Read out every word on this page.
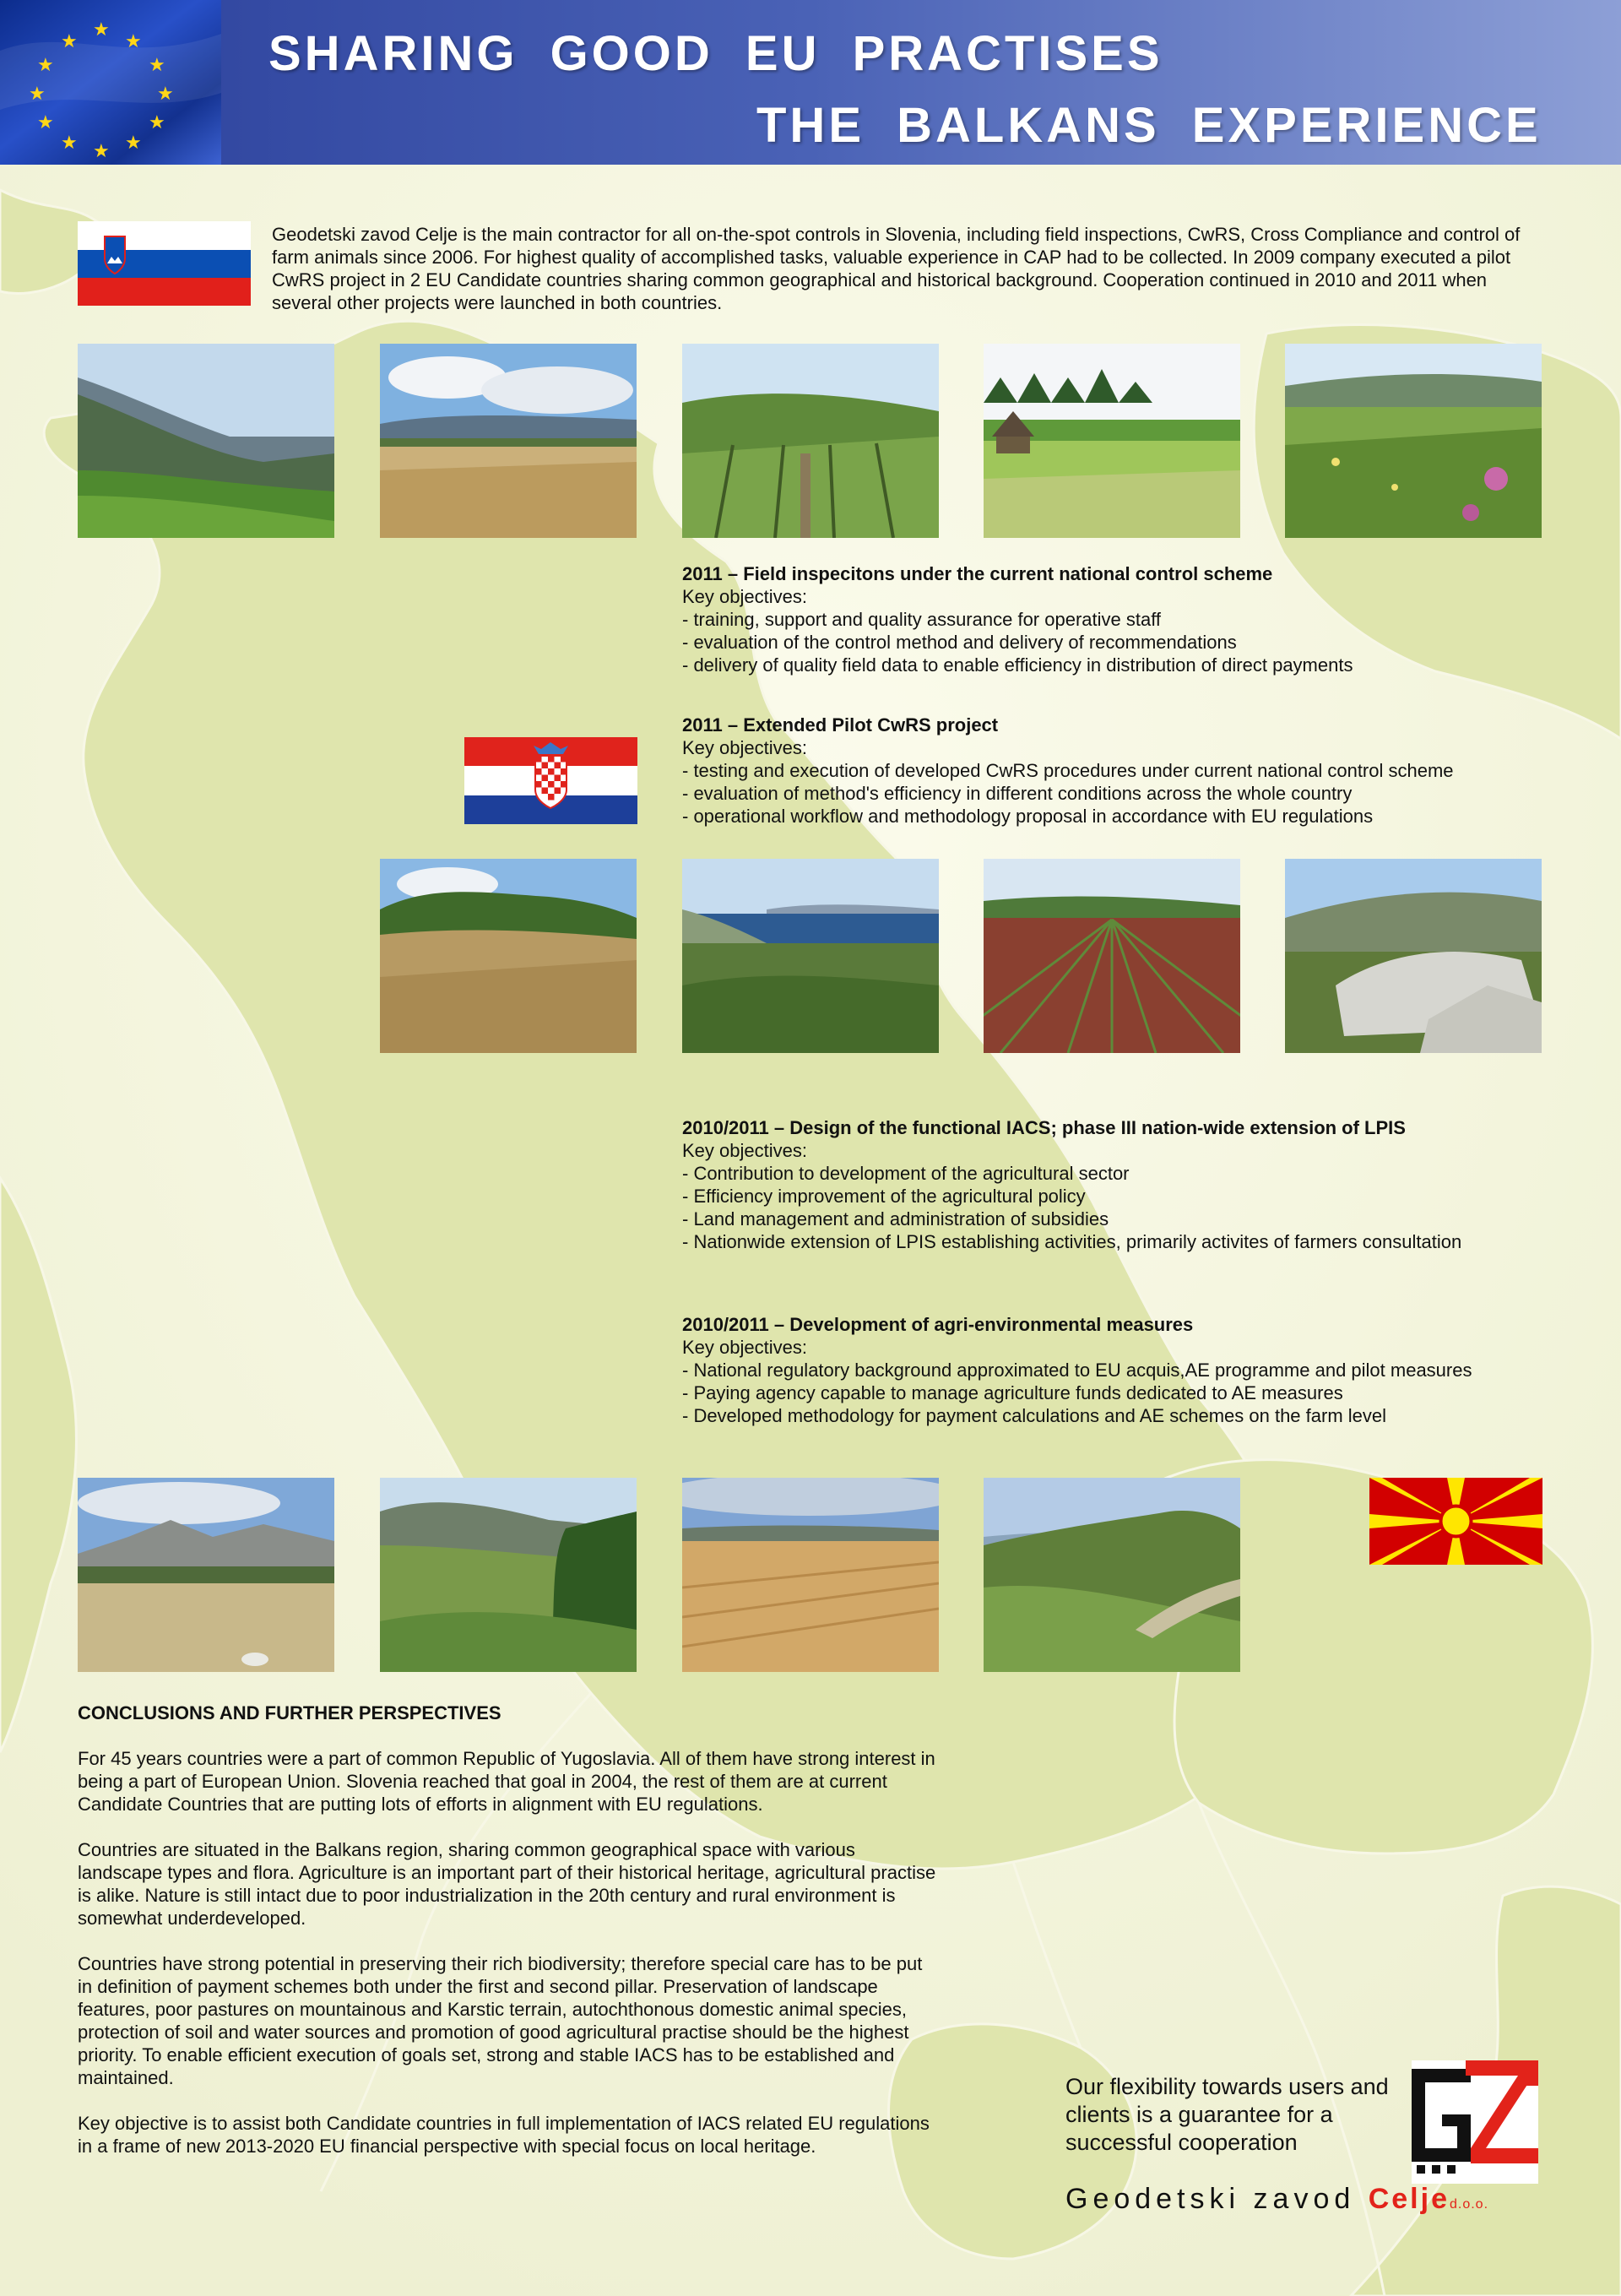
★
★
★
★
★
★
★
★
★
★
★
★	SHARING GOOD EU PRACTISES
THE BALKANS EXPERIENCE
Geodetski zavod Celje is the main contractor for all on-the-spot controls in Slovenia, including field inspections, CwRS, Cross Compliance and control of farm animals since 2006. For highest quality of accomplished tasks, valuable experience in CAP had to be collected. In 2009 company executed a pilot CwRS project in 2 EU Candidate countries sharing common geographical and historical background. Cooperation continued in 2010 and 2011 when several other projects were launched in both countries.
2011 – Field inspecitons under the current national control scheme
Key objectives:
- training, support and quality assurance for operative staff
- evaluation of the control method and delivery of recommendations
- delivery of quality field data to enable efficiency in distribution of direct payments
2011 – Extended Pilot CwRS project
Key objectives:
- testing and execution of developed CwRS procedures under current national control scheme
- evaluation of method's efficiency in different conditions across the whole country
- operational workflow and methodology proposal in accordance with EU regulations
2010/2011 – Design of the functional IACS; phase III nation-wide extension of LPIS
Key objectives:
- Contribution to development of the agricultural sector
- Efficiency improvement of the agricultural policy
- Land management and administration of subsidies
- Nationwide extension of LPIS establishing activities, primarily activites of farmers consultation
2010/2011 – Development of agri-environmental measures
Key objectives:
- National regulatory background approximated to EU acquis,AE programme and pilot measures
- Paying agency capable to manage agriculture funds dedicated to AE measures
- Developed methodology for payment calculations and AE schemes on the farm level
CONCLUSIONS AND FURTHER PERSPECTIVES

For 45 years countries were a part of common Republic of Yugoslavia. All of them have strong interest in being a part of European Union. Slovenia reached that goal in 2004, the rest of them are at current Candidate Countries that are putting lots of efforts in alignment with EU regulations.

Countries are situated in the Balkans region, sharing common geographical space with various landscape types and flora. Agriculture is an important part of their historical heritage, agricultural practise is alike. Nature is still intact due to poor industrialization in the 20th century and rural environment is somewhat underdeveloped.

Countries have strong potential in preserving their rich biodiversity; therefore special care has to be put in definition of payment schemes both under the first and second pillar. Preservation of landscape features, poor pastures on mountainous and Karstic terrain, autochthonous domestic animal species, protection of soil and water sources and promotion of good agricultural practise should be the highest priority. To enable efficient execution of goals set, strong and stable IACS has to be established and maintained.

Key objective is to assist both Candidate countries in full implementation of IACS related EU regulations in a frame of new 2013-2020 EU financial perspective with special focus on local heritage.

Our flexibility towards users and clients is a guarantee for a successful cooperation
Geodetski zavod Celjed.o.o.
